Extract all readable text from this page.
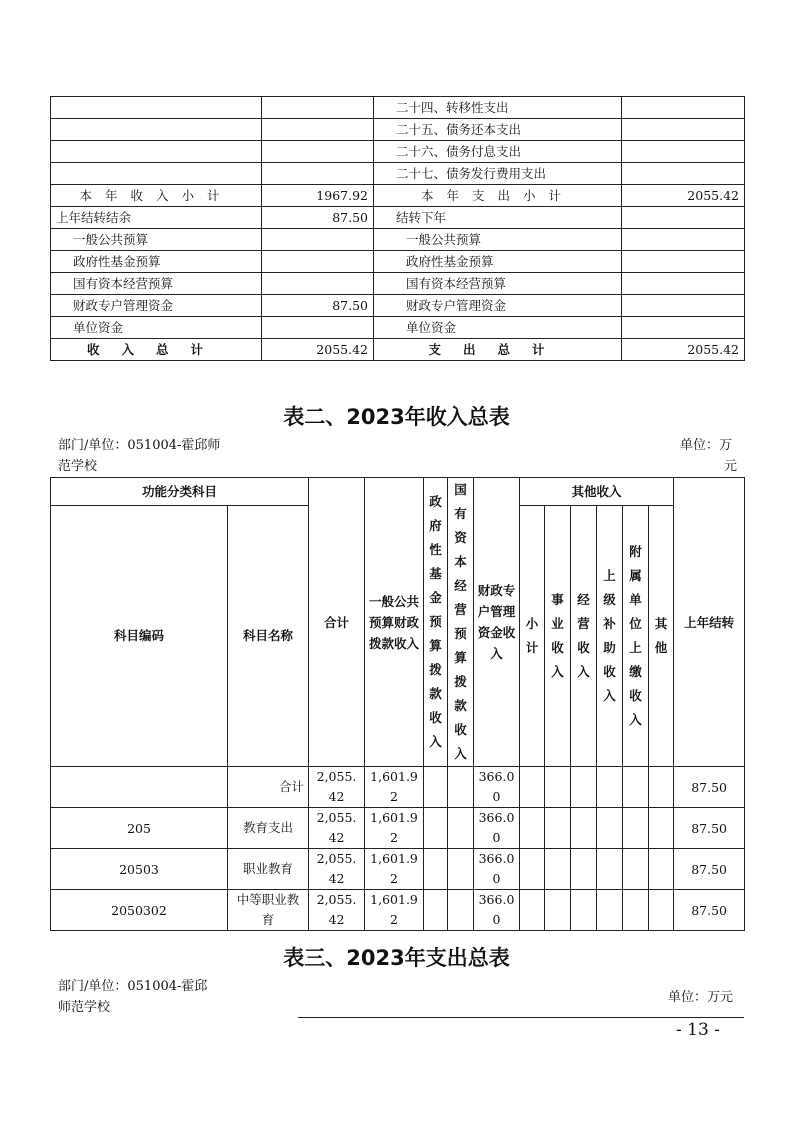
		二十四、转移性支出	
		二十五、债务还本支出	
		二十六、债务付息支出	
		二十七、债务发行费用支出	
本年收入小计	1967.92	本年支出小计	2055.42
上年结转结余	87.50	结转下年	
一般公共预算		一般公共预算	
政府性基金预算		政府性基金预算	
国有资本经营预算		国有资本经营预算	
财政专户管理资金	87.50	财政专户管理资金	
单位资金		单位资金	
收入总计	2055.42	支出总计	2055.42
表二、2023年收入总表
部门/单位：051004-霍邱师
范学校
单位：万
元
功能分类科目		合计	一般公共预算财政拨款收入	政府性基金预算拨款收入	国有资本经营预算拨款收入	财政专户管理资金收入	其他收入						上年结转
科目编码	科目名称						小计	事业收入	经营收入	上级补助收入	附属单位上缴收入	其他	
	合计	2,055.42	1,601.92			366.00							87.50
205	教育支出	2,055.42	1,601.92			366.00							87.50
20503	职业教育	2,055.42	1,601.92			366.00							87.50
2050302	中等职业教育	2,055.42	1,601.92			366.00							87.50
表三、2023年支出总表
部门/单位：051004-霍邱
师范学校
单位：万元
- 13 -
